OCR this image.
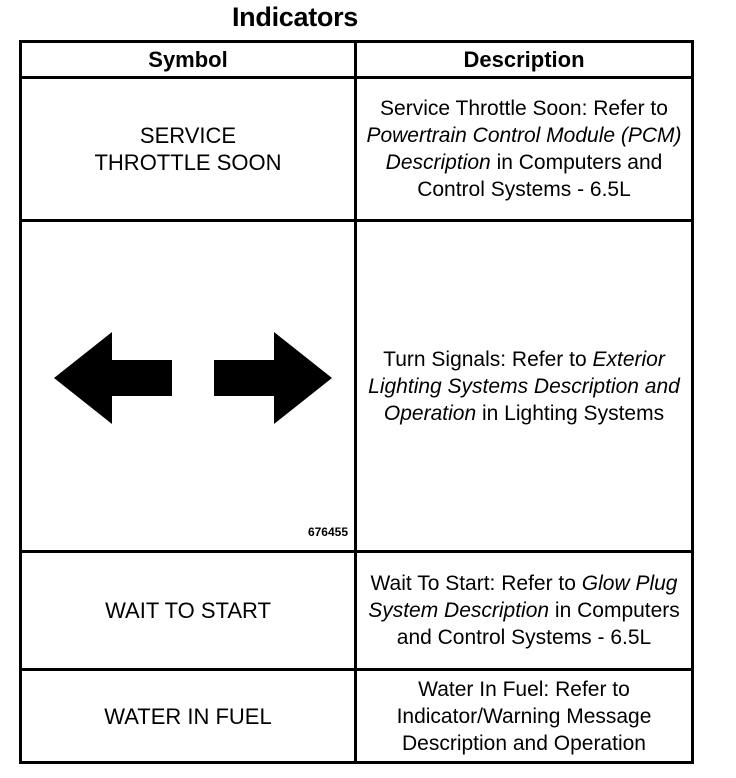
Indicators
Symbol	Description

SERVICE
THROTTLE SOON	Service Throttle Soon: Refer to Powertrain Control Module (PCM) Description in Computers and Control Systems - 6.5L

676455	Turn Signals: Refer to Exterior Lighting Systems Description and Operation in Lighting Systems
WAIT TO START	Wait To Start: Refer to Glow Plug System Description in Computers and Control Systems - 6.5L
WATER IN FUEL	Water In Fuel: Refer to Indicator/Warning Message Description and Operation
